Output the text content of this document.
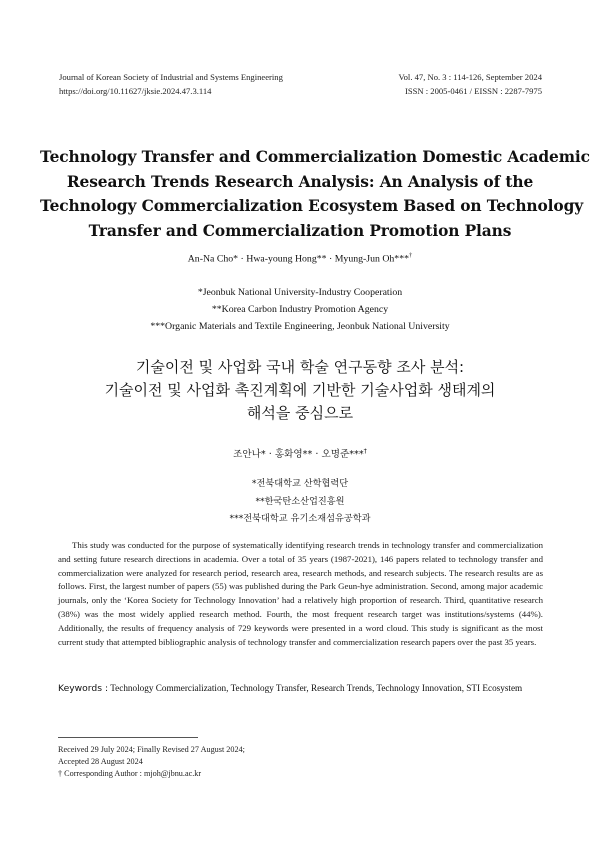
Journal of Korean Society of Industrial and Systems Engineering
https://doi.org/10.11627/jksie.2024.47.3.114
Vol. 47, No. 3 : 114-126, September 2024
ISSN : 2005-0461 / EISSN : 2287-7975
Technology Transfer and Commercialization Domestic Academic
Research Trends Research Analysis: An Analysis of the
Technology Commercialization Ecosystem Based on Technology
Transfer and Commercialization Promotion Plans
An-Na Cho* · Hwa-young Hong** · Myung-Jun Oh***†
*Jeonbuk National University-Industry Cooperation
**Korea Carbon Industry Promotion Agency
***Organic Materials and Textile Engineering, Jeonbuk National University
기술이전 및 사업화 국내 학술 연구동향 조사 분석:
기술이전 및 사업화 촉진계획에 기반한 기술사업화 생태계의
해석을 중심으로
조안나* · 홍화영** · 오명준***†
*전북대학교 산학협력단
**한국탄소산업진흥원
***전북대학교 유기소재섬유공학과
This study was conducted for the purpose of systematically identifying research trends in technology transfer and commercialization and setting future research directions in academia. Over a total of 35 years (1987-2021), 146 papers related to technology transfer and commercialization were analyzed for research period, research area, research methods, and research subjects. The research results are as follows. First, the largest number of papers (55) was published during the Park Geun-hye administration. Second, among major academic journals, only the ‘Korea Society for Technology Innovation’ had a relatively high proportion of research. Third, quantitative research (38%) was the most widely applied research method. Fourth, the most frequent research target was institutions/systems (44%). Additionally, the results of frequency analysis of 729 keywords were presented in a word cloud. This study is significant as the most current study that attempted bibliographic analysis of technology transfer and commercialization research papers over the past 35 years.
Keywords : Technology Commercialization, Technology Transfer, Research Trends, Technology Innovation, STI Ecosystem
Received 29 July 2024; Finally Revised 27 August 2024;
Accepted 28 August 2024
† Corresponding Author : mjoh@jbnu.ac.kr
